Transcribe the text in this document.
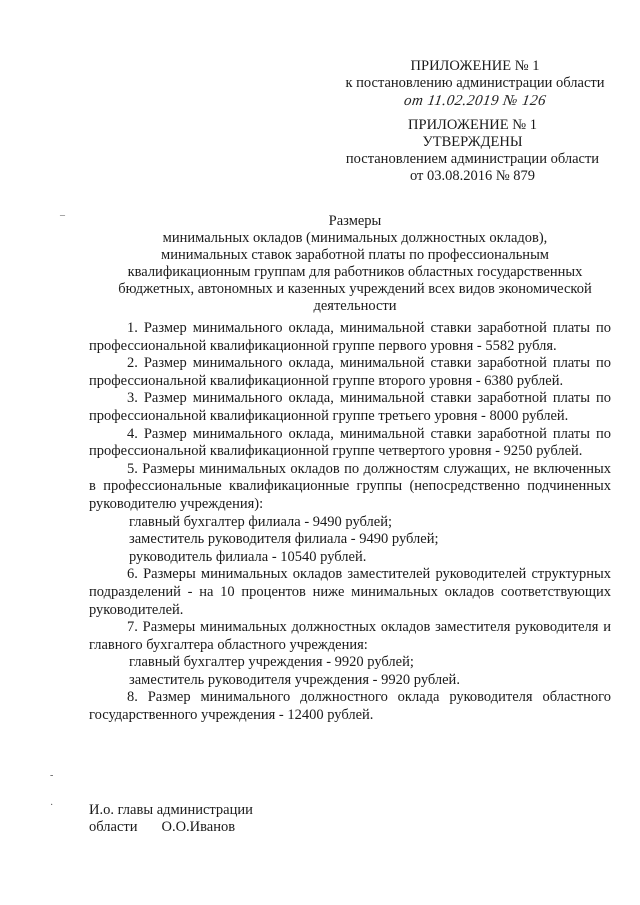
–
-
·
ПРИЛОЖЕНИЕ № 1
к постановлению администрации области
от 11.02.2019 № 126
ПРИЛОЖЕНИЕ № 1
УТВЕРЖДЕНЫ
постановлением администрации области
от 03.08.2016 № 879
Размеры
минимальных окладов (минимальных должностных окладов),
минимальных ставок заработной платы по профессиональным
квалификационным группам для работников областных государственных
бюджетных, автономных и казенных учреждений всех видов экономической
деятельности

1. Размер минимального оклада, минимальной ставки заработной платы по профессиональной квалификационной группе первого уровня - 5582 рубля.

2. Размер минимального оклада, минимальной ставки заработной платы по профессиональной квалификационной группе второго уровня - 6380 рублей.

3. Размер минимального оклада, минимальной ставки заработной платы по профессиональной квалификационной группе третьего уровня - 8000 рублей.

4. Размер минимального оклада, минимальной ставки заработной платы по профессиональной квалификационной группе четвертого уровня - 9250 рублей.

5. Размеры минимальных окладов по должностям служащих, не включенных в профессиональные квалификационные группы (непосредственно подчиненных руководителю учреждения):

главный бухгалтер филиала - 9490 рублей;

заместитель руководителя филиала - 9490 рублей;

руководитель филиала - 10540 рублей.

6. Размеры минимальных окладов заместителей руководителей структурных подразделений - на 10 процентов ниже минимальных окладов соответствующих руководителей.

7. Размеры минимальных должностных окладов заместителя руководителя и главного бухгалтера областного учреждения:

главный бухгалтер учреждения - 9920 рублей;

заместитель руководителя учреждения - 9920 рублей.

8. Размер минимального должностного оклада руководителя областного государственного учреждения - 12400 рублей.

И.о. главы администрации
области О.О.Иванов
